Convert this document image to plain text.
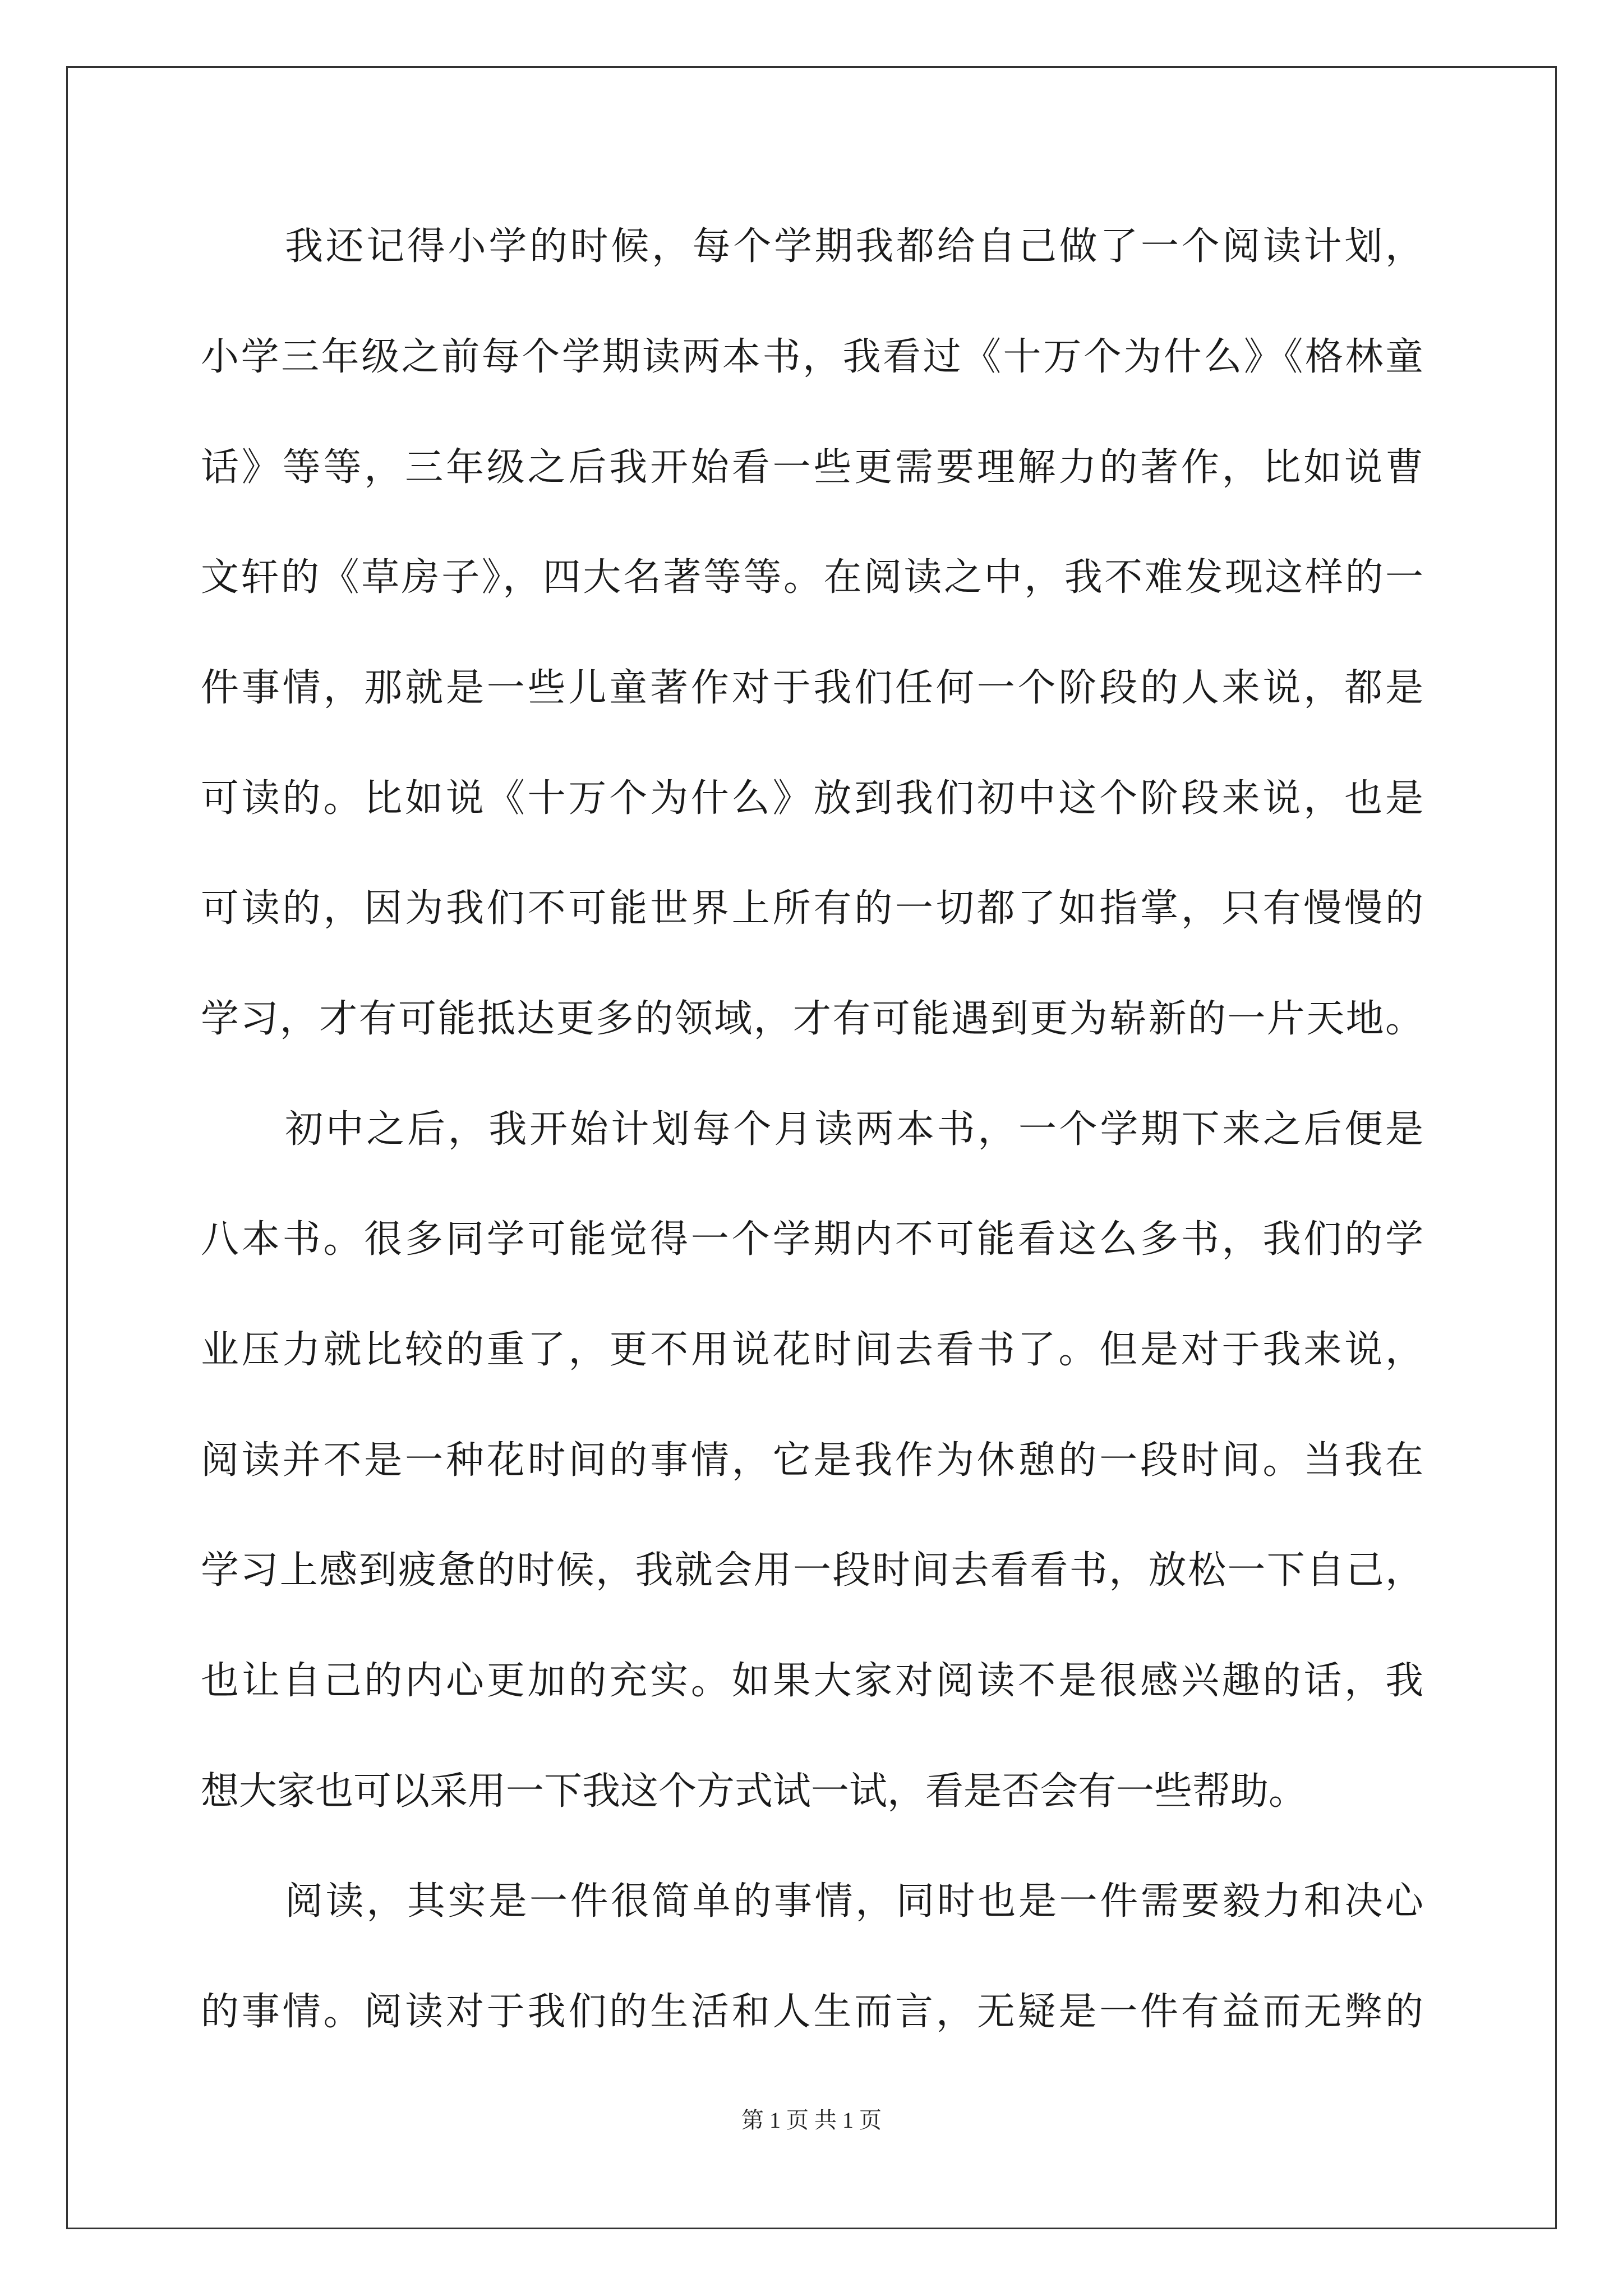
我还记得小学的时候，每个学期我都给自己做了一个阅读计划，
小学三年级之前每个学期读两本书，我看过《十万个为什么》《格林童
话》等等，三年级之后我开始看一些更需要理解力的著作，比如说曹
文轩的《草房子》，四大名著等等。在阅读之中，我不难发现这样的一
件事情，那就是一些儿童著作对于我们任何一个阶段的人来说，都是
可读的。比如说《十万个为什么》放到我们初中这个阶段来说，也是
可读的，因为我们不可能世界上所有的一切都了如指掌，只有慢慢的
学习，才有可能抵达更多的领域，才有可能遇到更为崭新的一片天地。
初中之后，我开始计划每个月读两本书，一个学期下来之后便是
八本书。很多同学可能觉得一个学期内不可能看这么多书，我们的学
业压力就比较的重了，更不用说花时间去看书了。但是对于我来说，
阅读并不是一种花时间的事情，它是我作为休憩的一段时间。当我在
学习上感到疲惫的时候，我就会用一段时间去看看书，放松一下自己，
也让自己的内心更加的充实。如果大家对阅读不是很感兴趣的话，我
想大家也可以采用一下我这个方式试一试，看是否会有一些帮助。
阅读，其实是一件很简单的事情，同时也是一件需要毅力和决心
的事情。阅读对于我们的生活和人生而言，无疑是一件有益而无弊的
第 1 页 共 1 页
